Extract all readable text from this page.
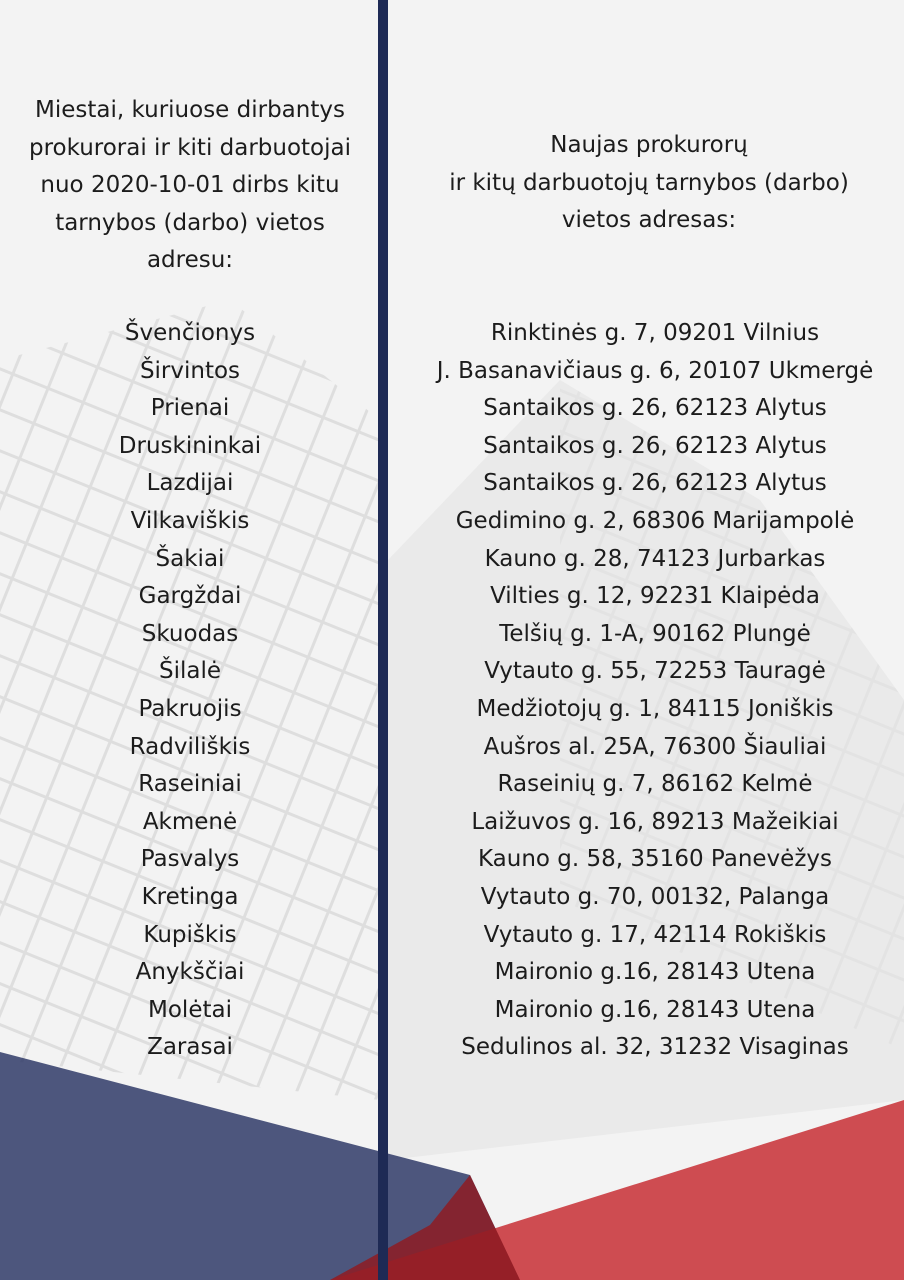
Miestai, kuriuose dirbantys
prokurorai ir kiti darbuotojai
nuo 2020-10-01 dirbs kitu
tarnybos (darbo) vietos
adresu:
Švenčionys
Širvintos
Prienai
Druskininkai
Lazdijai
Vilkaviškis
Šakiai
Gargždai
Skuodas
Šilalė
Pakruojis
Radviliškis
Raseiniai
Akmenė
Pasvalys
Kretinga
Kupiškis
Anykščiai
Molėtai
Zarasai
Naujas prokurorų
ir kitų darbuotojų tarnybos (darbo)
vietos adresas:
Rinktinės g. 7, 09201 Vilnius
J. Basanavičiaus g. 6, 20107 Ukmergė
Santaikos g. 26, 62123 Alytus
Santaikos g. 26, 62123 Alytus
Santaikos g. 26, 62123 Alytus
Gedimino g. 2, 68306 Marijampolė
Kauno g. 28, 74123 Jurbarkas
Vilties g. 12, 92231 Klaipėda
Telšių g. 1-A, 90162 Plungė
Vytauto g. 55, 72253 Tauragė
Medžiotojų g. 1, 84115 Joniškis
Aušros al. 25A, 76300 Šiauliai
Raseinių g. 7, 86162 Kelmė
Laižuvos g. 16, 89213 Mažeikiai
Kauno g. 58, 35160 Panevėžys
Vytauto g. 70, 00132, Palanga
Vytauto g. 17, 42114 Rokiškis
Maironio g.16, 28143 Utena
Maironio g.16, 28143 Utena
Sedulinos al. 32, 31232 Visaginas
